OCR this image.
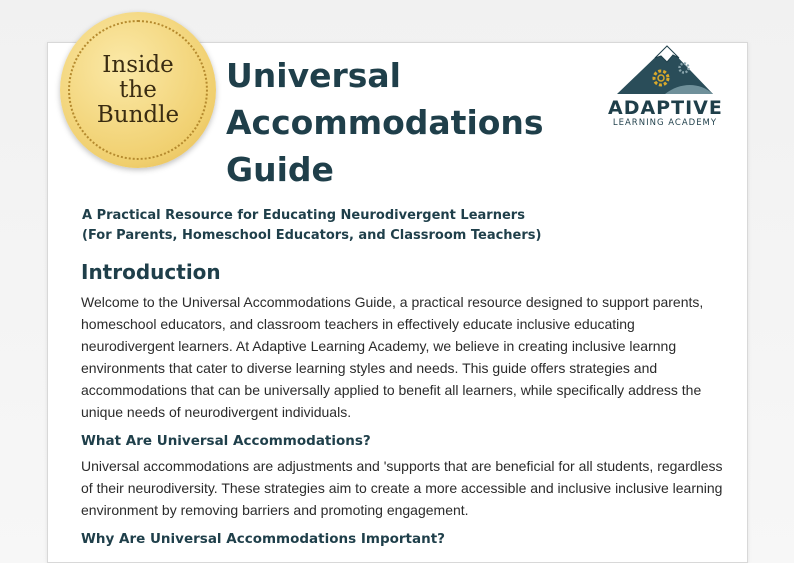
Inside
the
Bundle
Universal
Accommodations
Guide
ADAPTIVE
LEARNING ACADEMY
A Practical Resource for Educating Neurodivergent Learners
(For Parents, Homeschool Educators, and Classroom Teachers)
Introduction

Welcome to the Universal Accommodations Guide, a practical resource designed to support parents, homeschool educators, and classroom teachers in effectively educate inclusive educating neurodivergent learners. At Adaptive Learning Academy, we believe in creating inclusive learnng environments that cater to diverse learning styles and needs. This guide offers strategies and accommodations that can be universally applied to benefit all learners, while specifically address the unique needs of neurodivergent individuals.

What Are Universal Accommodations?

Universal accommodations are adjustments and 'supports that are beneficial for all students, regardless of their neurodiversity. These strategies aim to create a more accessible and inclusive inclusive learning environment by removing barriers and promoting engagement.

Why Are Universal Accommodations Important?
